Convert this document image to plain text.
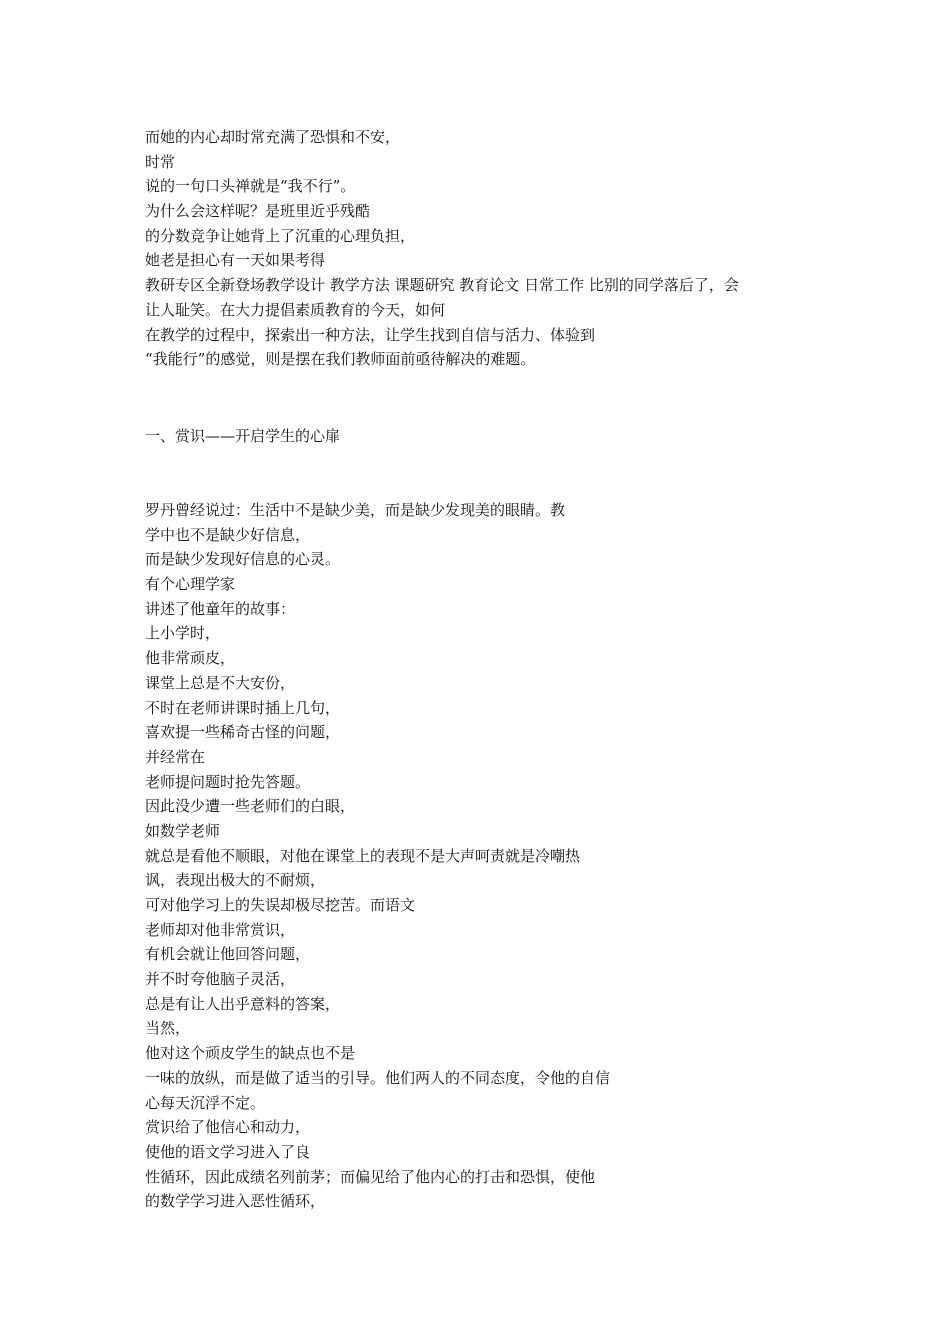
而她的内心却时常充满了恐惧和不安，
时常
说的一句口头禅就是“我不行”。
为什么会这样呢？是班里近乎残酷
的分数竞争让她背上了沉重的心理负担，
她老是担心有一天如果考得
教研专区全新登场教学设计 教学方法 课题研究 教育论文 日常工作 比别的同学落后了，会
让人耻笑。在大力提倡素质教育的今天，如何
在教学的过程中，探索出一种方法，让学生找到自信与活力、体验到
“我能行”的感觉，则是摆在我们教师面前亟待解决的难题。
一、赏识——开启学生的心扉
罗丹曾经说过：生活中不是缺少美，而是缺少发现美的眼睛。教
学中也不是缺少好信息，
而是缺少发现好信息的心灵。
有个心理学家
讲述了他童年的故事：
上小学时，
他非常顽皮，
课堂上总是不大安份，
不时在老师讲课时插上几句，
喜欢提一些稀奇古怪的问题，
并经常在
老师提问题时抢先答题。
因此没少遭一些老师们的白眼，
如数学老师
就总是看他不顺眼，对他在课堂上的表现不是大声呵责就是冷嘲热
讽，表现出极大的不耐烦，
可对他学习上的失误却极尽挖苦。而语文
老师却对他非常赏识，
有机会就让他回答问题，
并不时夸他脑子灵活，
总是有让人出乎意料的答案，
当然，
他对这个顽皮学生的缺点也不是
一味的放纵，而是做了适当的引导。他们两人的不同态度，令他的自信
心每天沉浮不定。
赏识给了他信心和动力，
使他的语文学习进入了良
性循环，因此成绩名列前茅；而偏见给了他内心的打击和恐惧，使他
的数学学习进入恶性循环，
